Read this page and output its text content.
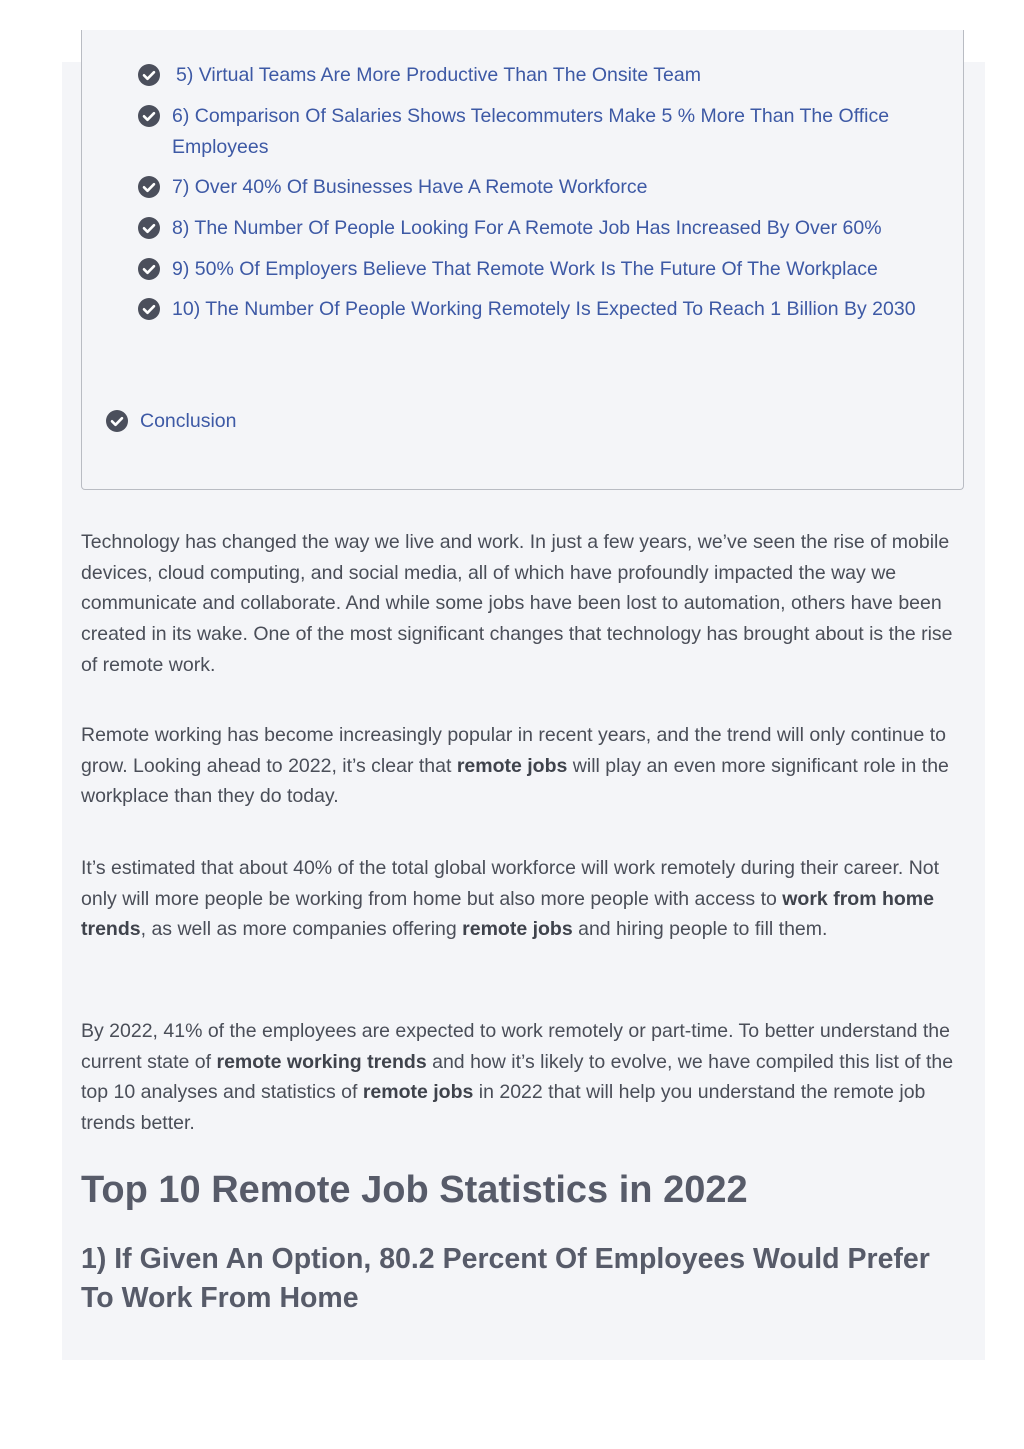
5) Virtual Teams Are More Productive Than The Onsite Team
6) Comparison Of Salaries Shows Telecommuters Make 5 % More Than The Office Employees
7) Over 40% Of Businesses Have A Remote Workforce
8) The Number Of People Looking For A Remote Job Has Increased By Over 60%
9) 50% Of Employers Believe That Remote Work Is The Future Of The Workplace
10) The Number Of People Working Remotely Is Expected To Reach 1 Billion By 2030
Conclusion

Technology has changed the way we live and work. In just a few years, we’ve seen the rise of mobile devices, cloud computing, and social media, all of which have profoundly impacted the way we communicate and collaborate. And while some jobs have been lost to automation, others have been created in its wake. One of the most significant changes that technology has brought about is the rise of remote work.

Remote working has become increasingly popular in recent years, and the trend will only continue to grow. Looking ahead to 2022, it’s clear that remote jobs will play an even more significant role in the workplace than they do today.

It’s estimated that about 40% of the total global workforce will work remotely during their career. Not only will more people be working from home but also more people with access to work from home trends, as well as more companies offering remote jobs and hiring people to fill them.

By 2022, 41% of the employees are expected to work remotely or part-time. To better understand the current state of remote working trends and how it’s likely to evolve, we have compiled this list of the top 10 analyses and statistics of remote jobs in 2022 that will help you understand the remote job trends better.

Top 10 Remote Job Statistics in 2022
1) If Given An Option, 80.2 Percent Of Employees Would Prefer To Work From Home
